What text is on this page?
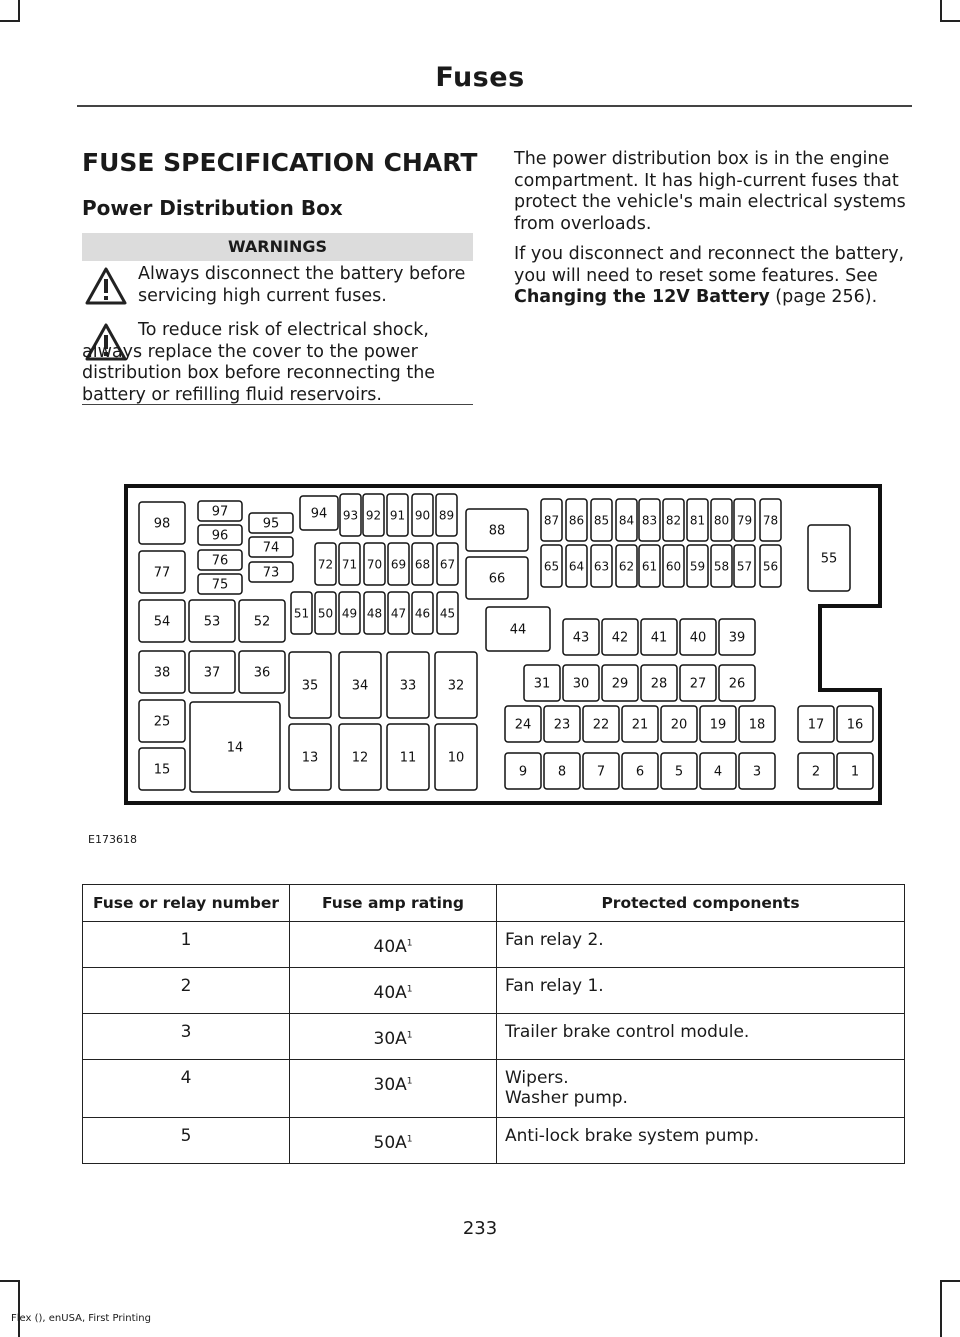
Fuses
FUSE SPECIFICATION CHART
Power Distribution Box
WARNINGS
Always disconnect the battery before servicing high current fuses.
To reduce risk of electrical shock, always replace the cover to the power distribution box before reconnecting the battery or refilling fluid reservoirs.
The power distribution box is in the engine compartment. It has high-current fuses that protect the vehicle's main electrical systems from overloads.
If you disconnect and reconnect the battery, you will need to reset some features. See Changing the 12V Battery (page 256).
1
2
3
4
5
6
7
8
9
10
11
12
13
14
15
16
17
18
19
20
21
22
23
24
25
26
27
28
29
30
31
32
33
34
35
36
37
38
39
40
41
42
43
44
45
46
47
48
49
50
51
52
53
54
55
56
57
58
59
60
61
62
63
64
65
66
67
68
69
70
71
72
73
74
75
76
77
78
79
80
81
82
83
84
85
86
87
88
89
90
91
92
93
94
95
96
97
98
E173618
Fuse or relay number	Fuse amp rating	Protected components
1	$40A^1$	Fan relay 2.

2	$40A^1$	Fan relay 1.

3	$30A^1$	Trailer brake control module.

4	$30A^1$	Wipers.
Washer pump.

5	$50A^1$	Anti-lock brake system pump.
233
Flex (), enUSA, First Printing
